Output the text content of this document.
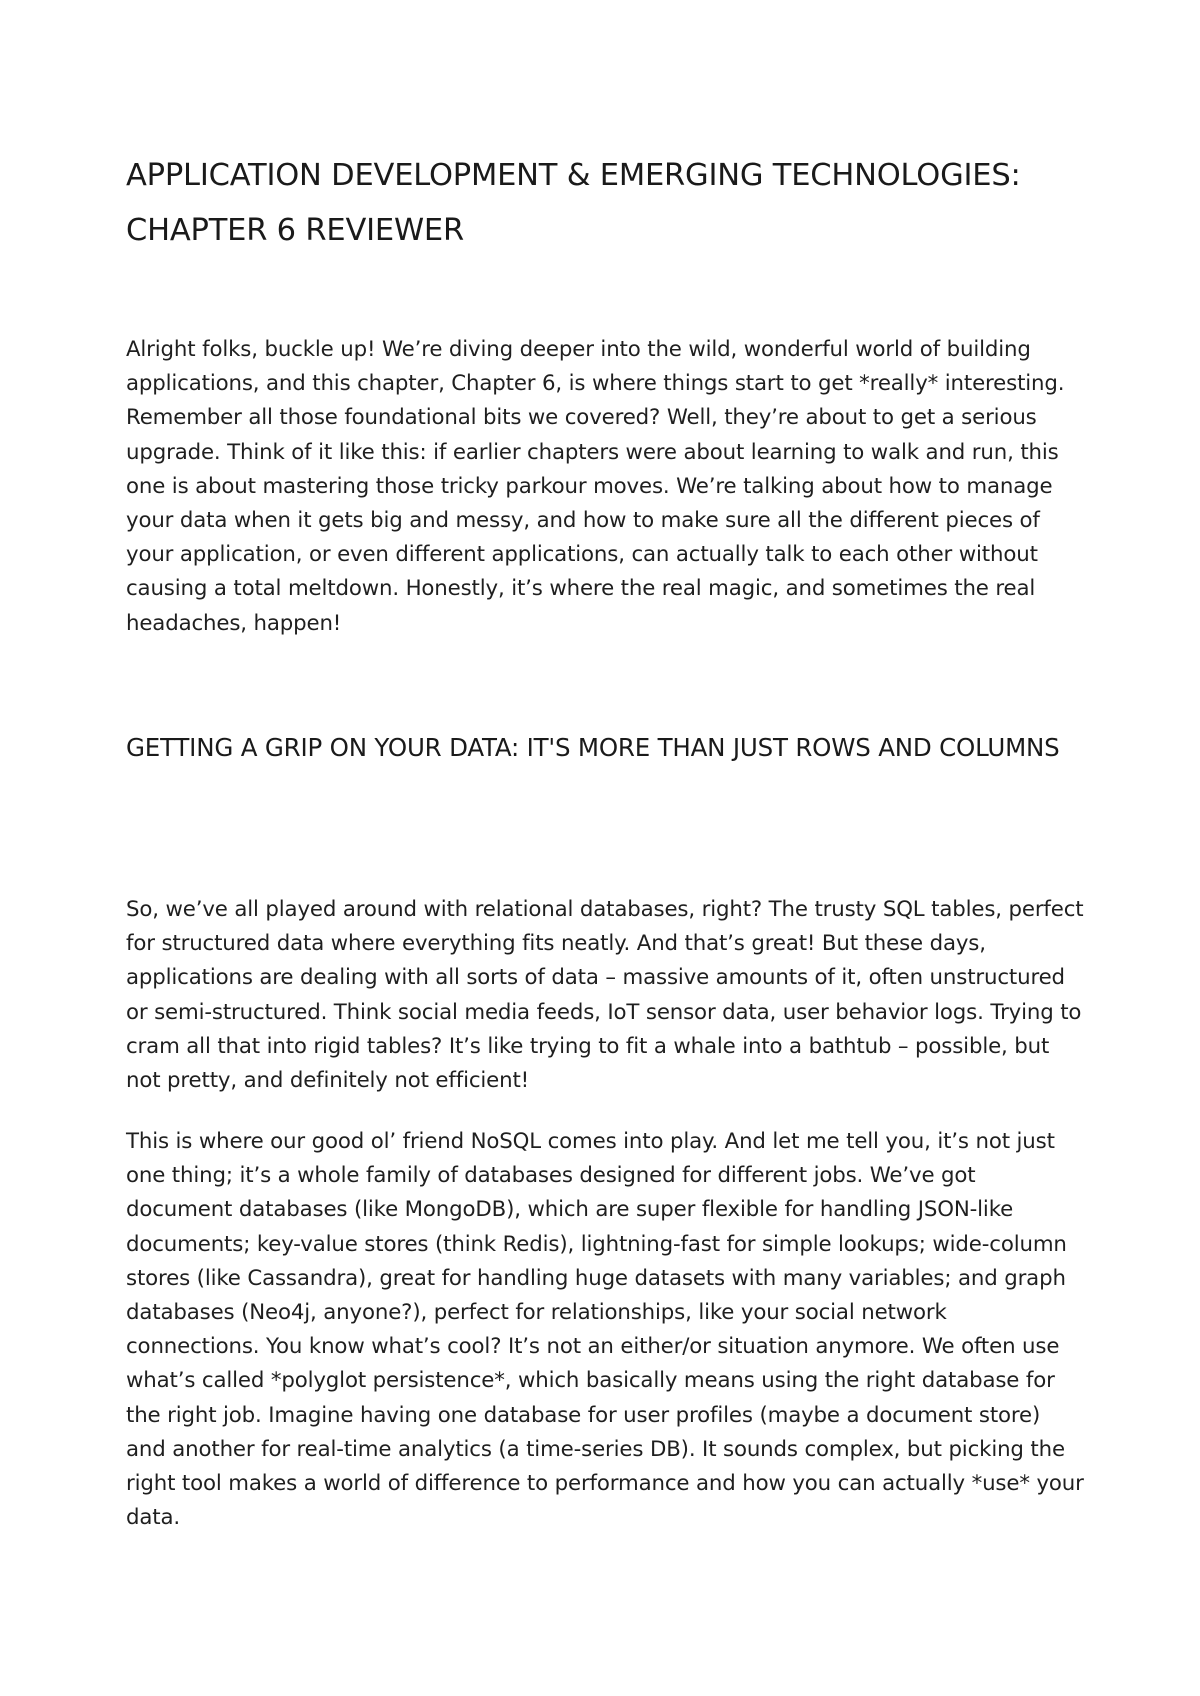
APPLICATION DEVELOPMENT & EMERGING TECHNOLOGIES: CHAPTER 6 REVIEWER

Alright folks, buckle up! We’re diving deeper into the wild, wonderful world of building applications, and this chapter, Chapter 6, is where things start to get *really* interesting. Remember all those foundational bits we covered? Well, they’re about to get a serious upgrade. Think of it like this: if earlier chapters were about learning to walk and run, this one is about mastering those tricky parkour moves. We’re talking about how to manage your data when it gets big and messy, and how to make sure all the different pieces of your application, or even different applications, can actually talk to each other without causing a total meltdown. Honestly, it’s where the real magic, and sometimes the real headaches, happen!

GETTING A GRIP ON YOUR DATA: IT'S MORE THAN JUST ROWS AND COLUMNS

So, we’ve all played around with relational databases, right? The trusty SQL tables, perfect for structured data where everything fits neatly. And that’s great! But these days, applications are dealing with all sorts of data – massive amounts of it, often unstructured or semi-structured. Think social media feeds, IoT sensor data, user behavior logs. Trying to cram all that into rigid tables? It’s like trying to fit a whale into a bathtub – possible, but not pretty, and definitely not efficient!

This is where our good ol’ friend NoSQL comes into play. And let me tell you, it’s not just one thing; it’s a whole family of databases designed for different jobs. We’ve got document databases (like MongoDB), which are super flexible for handling JSON-like documents; key-value stores (think Redis), lightning-fast for simple lookups; wide-column stores (like Cassandra), great for handling huge datasets with many variables; and graph databases (Neo4j, anyone?), perfect for relationships, like your social network connections. You know what’s cool? It’s not an either/or situation anymore. We often use what’s called *polyglot persistence*, which basically means using the right database for the right job. Imagine having one database for user profiles (maybe a document store) and another for real-time analytics (a time-series DB). It sounds complex, but picking the right tool makes a world of difference to performance and how you can actually *use* your data.
